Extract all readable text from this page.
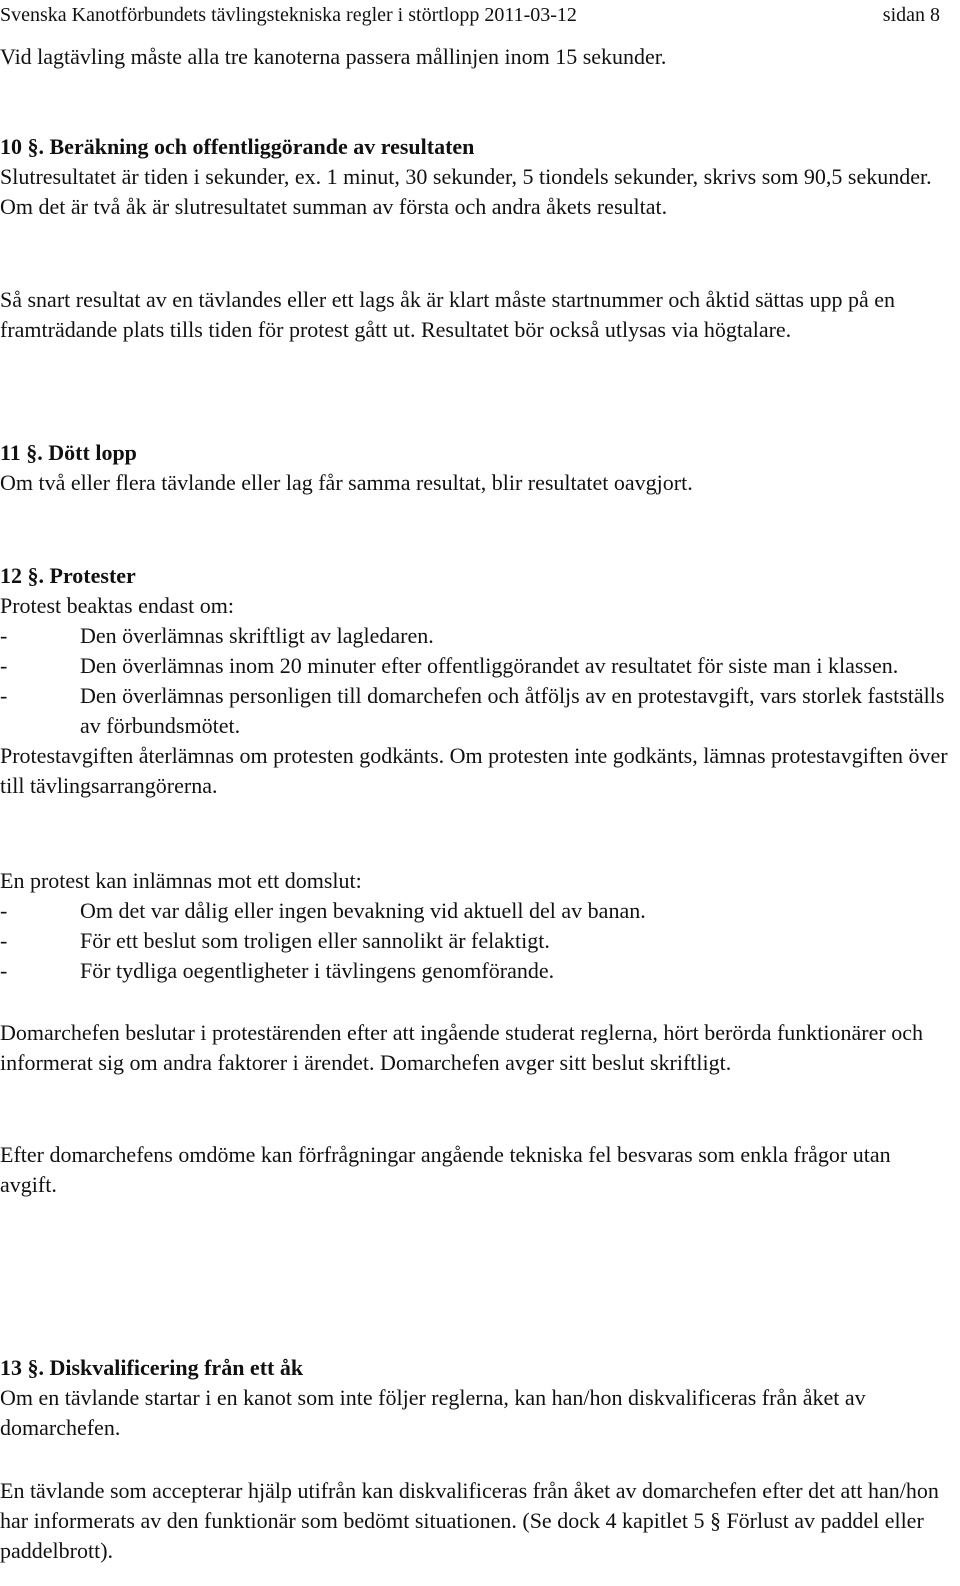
Svenska Kanotförbundets tävlingstekniska regler i störtlopp 2011-03-12	sidan 8

Vid lagtävling måste alla tre kanoterna passera mållinjen inom 15 sekunder.

10 §. Beräkning och offentliggörande av resultaten

Slutresultatet är tiden i sekunder, ex. 1 minut, 30 sekunder, 5 tiondels sekunder, skrivs som 90,5 sekunder. Om det är två åk är slutresultatet summan av första och andra åkets resultat.

Så snart resultat av en tävlandes eller ett lags åk är klart måste startnummer och åktid sättas upp på en framträdande plats tills tiden för protest gått ut. Resultatet bör också utlysas via högtalare.

11 §. Dött lopp

Om två eller flera tävlande eller lag får samma resultat, blir resultatet oavgjort.

12 §. Protester

Protest beaktas endast om:

-	Den överlämnas skriftligt av lagledaren.
-	Den överlämnas inom 20 minuter efter offentliggörandet av resultatet för siste man i klassen.
-	Den överlämnas personligen till domarchefen och åtföljs av en protestavgift, vars storlek fastställs av förbundsmötet.

Protestavgiften återlämnas om protesten godkänts. Om protesten inte godkänts, lämnas protestavgiften över till tävlingsarrangörerna.

En protest kan inlämnas mot ett domslut:

-	Om det var dålig eller ingen bevakning vid aktuell del av banan.
-	För ett beslut som troligen eller sannolikt är felaktigt.
-	För tydliga oegentligheter i tävlingens genomförande.

Domarchefen beslutar i protestärenden efter att ingående studerat reglerna, hört berörda funktionärer och informerat sig om andra faktorer i ärendet. Domarchefen avger sitt beslut skriftligt.

Efter domarchefens omdöme kan förfrågningar angående tekniska fel besvaras som enkla frågor utan avgift.

13 §. Diskvalificering från ett åk

Om en tävlande startar i en kanot som inte följer reglerna, kan han/hon diskvalificeras från åket av domarchefen.

En tävlande som accepterar hjälp utifrån kan diskvalificeras från åket av domarchefen efter det att han/hon har informerats av den funktionär som bedömt situationen. (Se dock 4 kapitlet 5 § Förlust av paddel eller paddelbrott).
